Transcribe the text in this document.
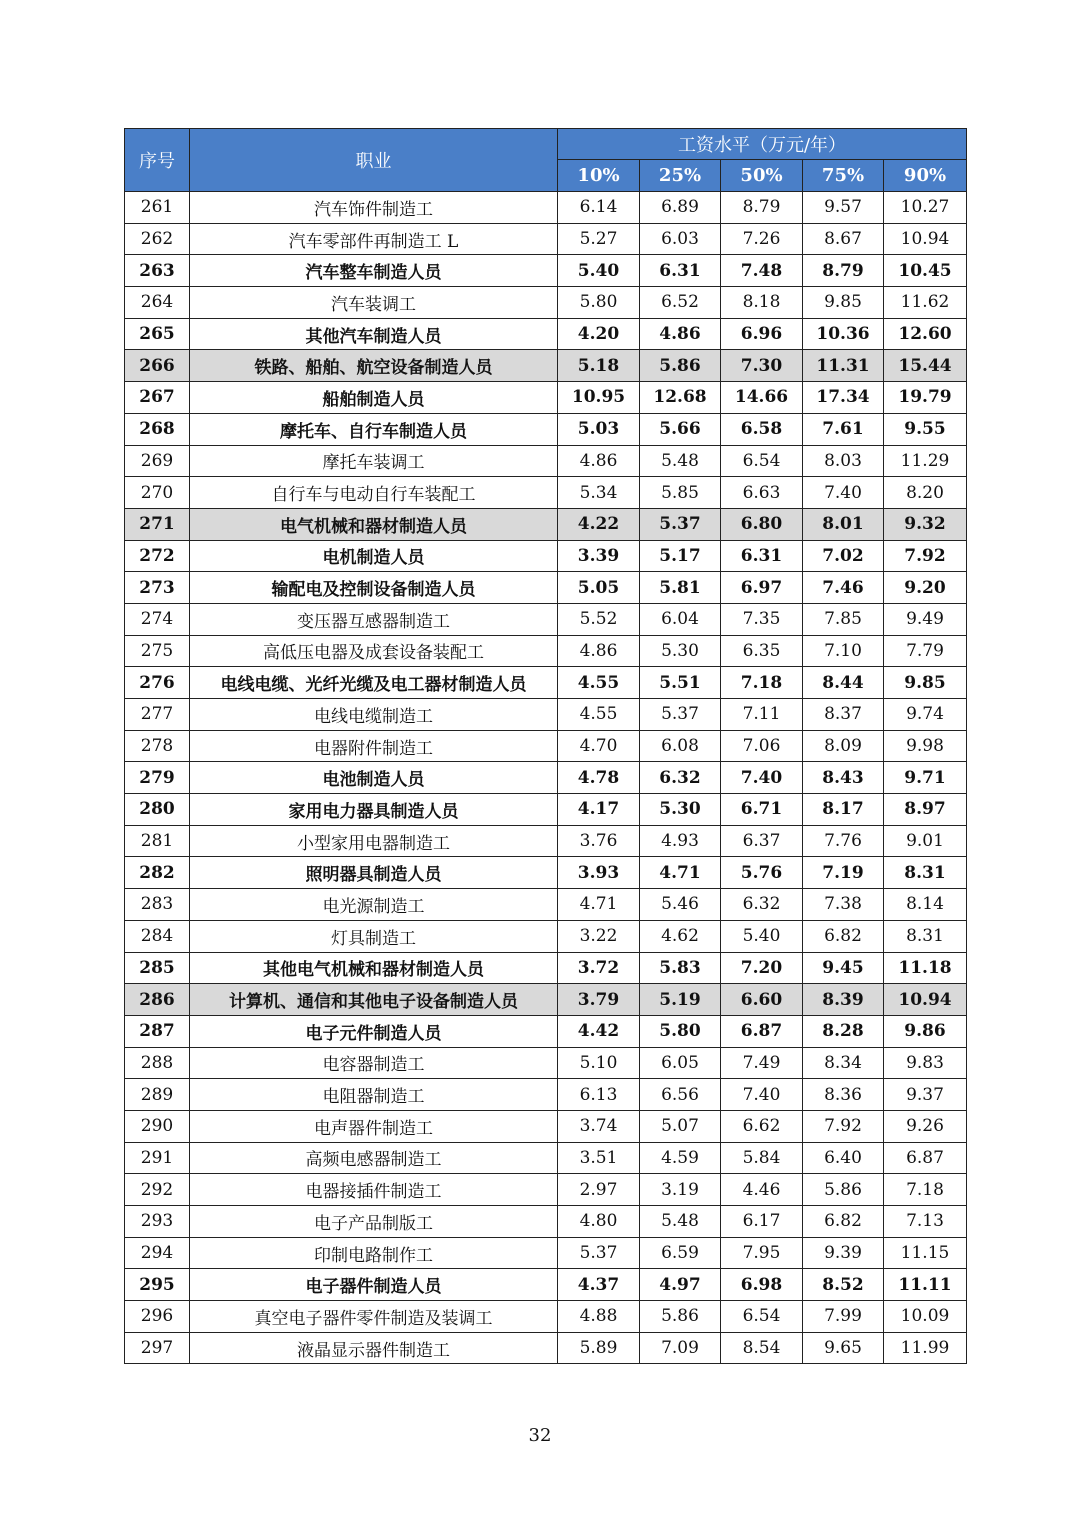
序号	职业	工资水平（万元/年）				
		10%	25%	50%	75%	90%
261	汽车饰件制造工	6.14	6.89	8.79	9.57	10.27
262	汽车零部件再制造工 L	5.27	6.03	7.26	8.67	10.94
263	汽车整车制造人员	5.40	6.31	7.48	8.79	10.45
264	汽车装调工	5.80	6.52	8.18	9.85	11.62
265	其他汽车制造人员	4.20	4.86	6.96	10.36	12.60
266	铁路、船舶、航空设备制造人员	5.18	5.86	7.30	11.31	15.44
267	船舶制造人员	10.95	12.68	14.66	17.34	19.79
268	摩托车、自行车制造人员	5.03	5.66	6.58	7.61	9.55
269	摩托车装调工	4.86	5.48	6.54	8.03	11.29
270	自行车与电动自行车装配工	5.34	5.85	6.63	7.40	8.20
271	电气机械和器材制造人员	4.22	5.37	6.80	8.01	9.32
272	电机制造人员	3.39	5.17	6.31	7.02	7.92
273	输配电及控制设备制造人员	5.05	5.81	6.97	7.46	9.20
274	变压器互感器制造工	5.52	6.04	7.35	7.85	9.49
275	高低压电器及成套设备装配工	4.86	5.30	6.35	7.10	7.79
276	电线电缆、光纤光缆及电工器材制造人员	4.55	5.51	7.18	8.44	9.85
277	电线电缆制造工	4.55	5.37	7.11	8.37	9.74
278	电器附件制造工	4.70	6.08	7.06	8.09	9.98
279	电池制造人员	4.78	6.32	7.40	8.43	9.71
280	家用电力器具制造人员	4.17	5.30	6.71	8.17	8.97
281	小型家用电器制造工	3.76	4.93	6.37	7.76	9.01
282	照明器具制造人员	3.93	4.71	5.76	7.19	8.31
283	电光源制造工	4.71	5.46	6.32	7.38	8.14
284	灯具制造工	3.22	4.62	5.40	6.82	8.31
285	其他电气机械和器材制造人员	3.72	5.83	7.20	9.45	11.18
286	计算机、通信和其他电子设备制造人员	3.79	5.19	6.60	8.39	10.94
287	电子元件制造人员	4.42	5.80	6.87	8.28	9.86
288	电容器制造工	5.10	6.05	7.49	8.34	9.83
289	电阻器制造工	6.13	6.56	7.40	8.36	9.37
290	电声器件制造工	3.74	5.07	6.62	7.92	9.26
291	高频电感器制造工	3.51	4.59	5.84	6.40	6.87
292	电器接插件制造工	2.97	3.19	4.46	5.86	7.18
293	电子产品制版工	4.80	5.48	6.17	6.82	7.13
294	印制电路制作工	5.37	6.59	7.95	9.39	11.15
295	电子器件制造人员	4.37	4.97	6.98	8.52	11.11
296	真空电子器件零件制造及装调工	4.88	5.86	6.54	7.99	10.09
297	液晶显示器件制造工	5.89	7.09	8.54	9.65	11.99
32
